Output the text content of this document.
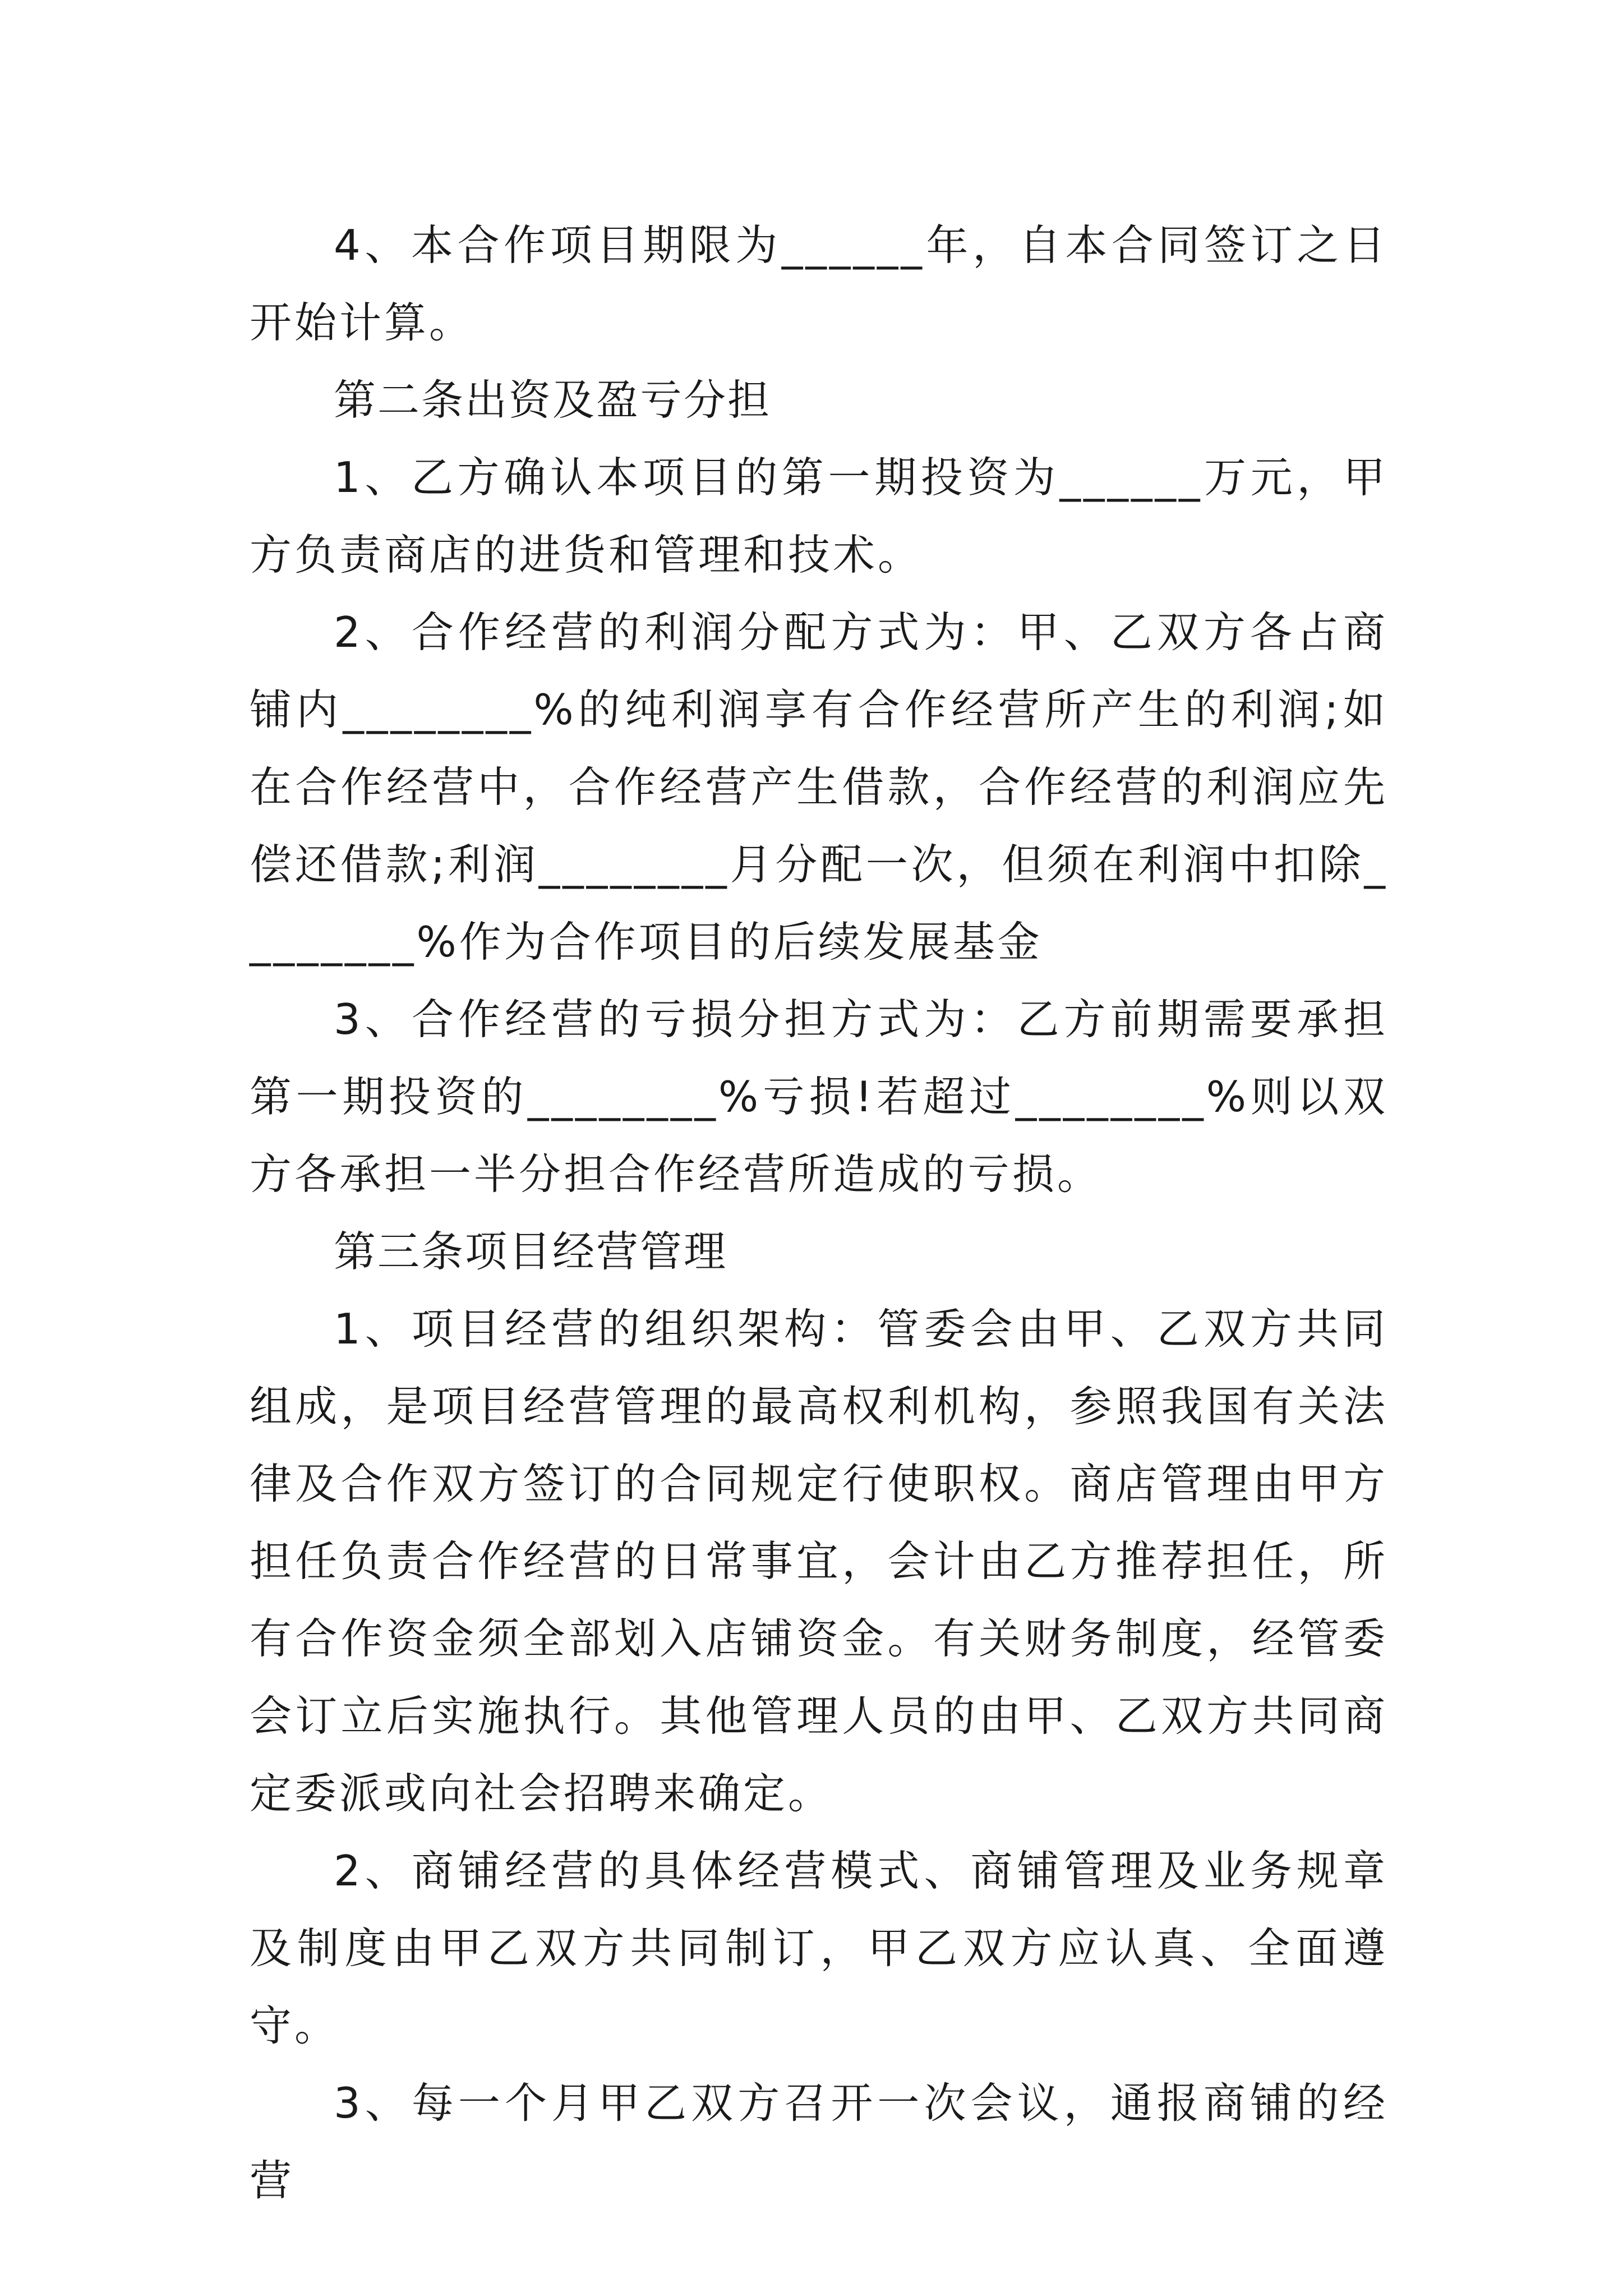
4、本合作项目期限为______年，自本合同签订之日开始计算。

第二条出资及盈亏分担

1、乙方确认本项目的第一期投资为______万元，甲方负责商店的进货和管理和技术。

2、合作经营的利润分配方式为：甲、乙双方各占商铺内________%的纯利润享有合作经营所产生的利润;如在合作经营中，合作经营产生借款，合作经营的利润应先偿还借款;利润________月分配一次，但须在利润中扣除________%作为合作项目的后续发展基金

3、合作经营的亏损分担方式为：乙方前期需要承担第一期投资的________%亏损!若超过________%则以双方各承担一半分担合作经营所造成的亏损。

第三条项目经营管理

1、项目经营的组织架构：管委会由甲、乙双方共同组成，是项目经营管理的最高权利机构，参照我国有关法律及合作双方签订的合同规定行使职权。商店管理由甲方担任负责合作经营的日常事宜，会计由乙方推荐担任，所有合作资金须全部划入店铺资金。有关财务制度，经管委会订立后实施执行。其他管理人员的由甲、乙双方共同商定委派或向社会招聘来确定。

2、商铺经营的具体经营模式、商铺管理及业务规章及制度由甲乙双方共同制订，甲乙双方应认真、全面遵守。

3、每一个月甲乙双方召开一次会议，通报商铺的经营
